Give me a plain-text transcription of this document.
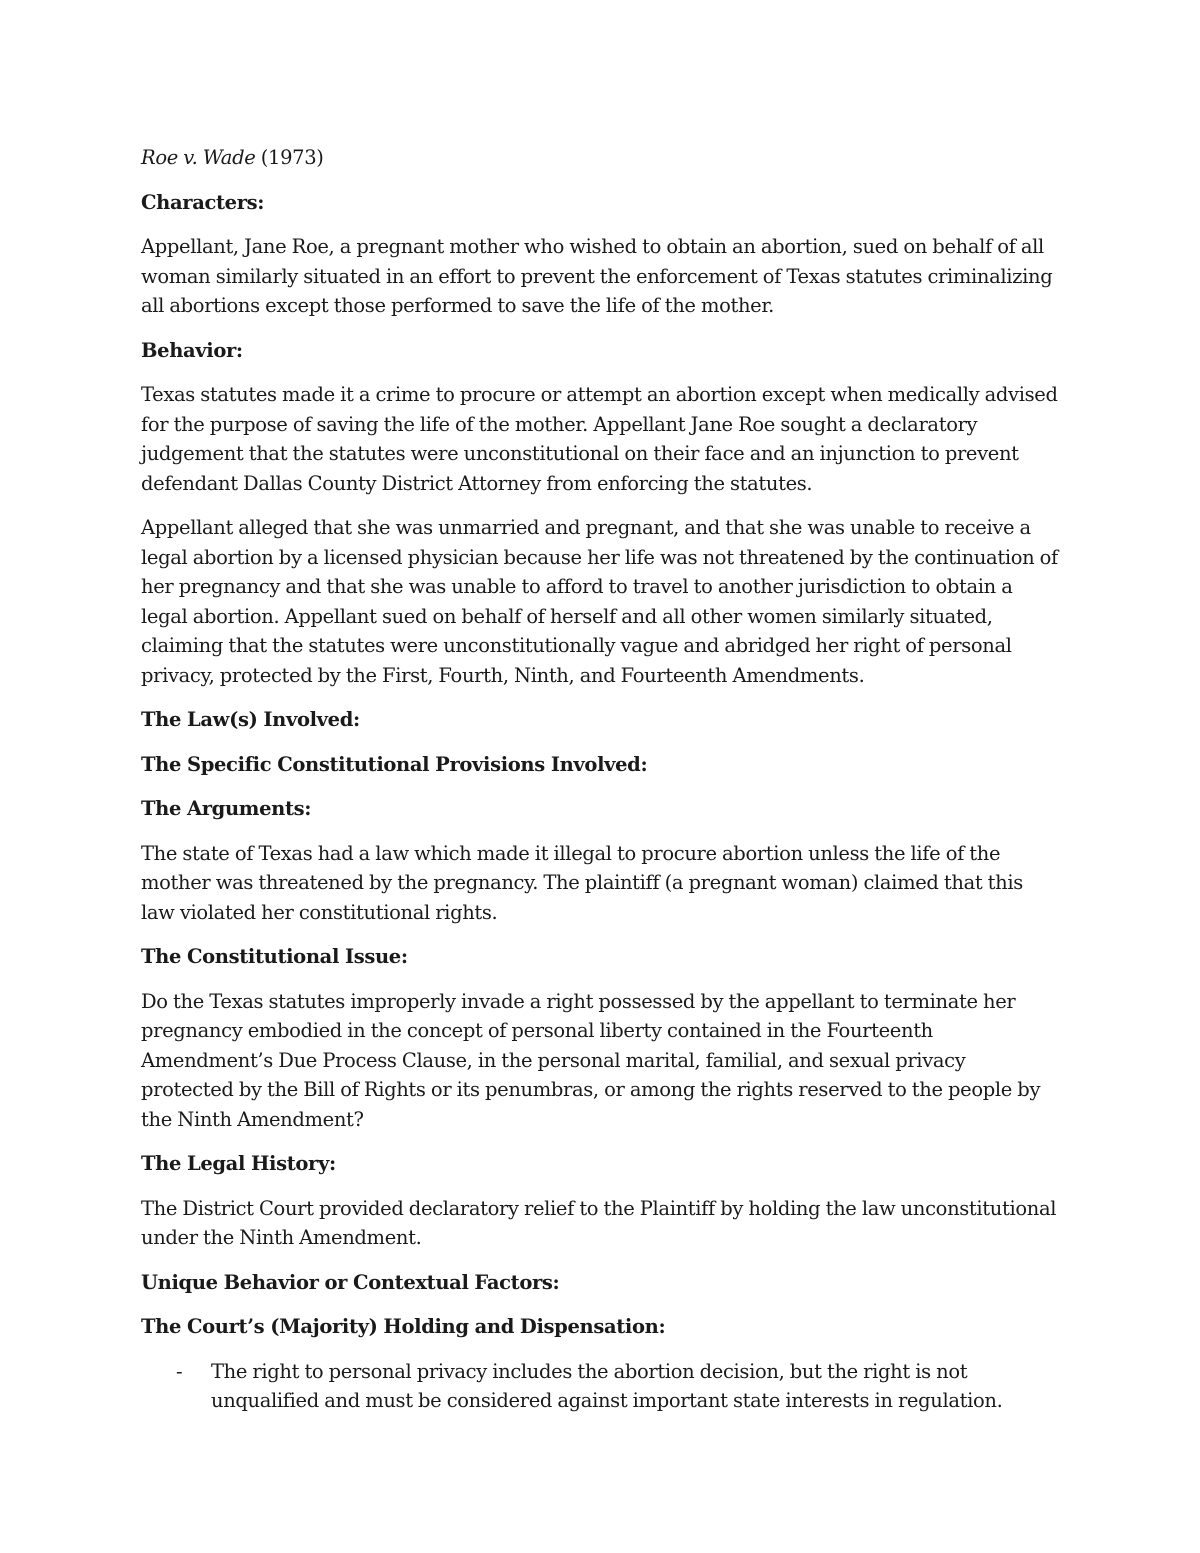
Roe v. Wade (1973)

Characters:

Appellant, Jane Roe, a pregnant mother who wished to obtain an abortion, sued on behalf of all woman similarly situated in an effort to prevent the enforcement of Texas statutes criminalizing all abortions except those performed to save the life of the mother.

Behavior:

Texas statutes made it a crime to procure or attempt an abortion except when medically advised for the purpose of saving the life of the mother. Appellant Jane Roe sought a declaratory judgement that the statutes were unconstitutional on their face and an injunction to prevent defendant Dallas County District Attorney from enforcing the statutes.

Appellant alleged that she was unmarried and pregnant, and that she was unable to receive a legal abortion by a licensed physician because her life was not threatened by the continuation of her pregnancy and that she was unable to afford to travel to another jurisdiction to obtain a legal abortion. Appellant sued on behalf of herself and all other women similarly situated, claiming that the statutes were unconstitutionally vague and abridged her right of personal privacy, protected by the First, Fourth, Ninth, and Fourteenth Amendments.

The Law(s) Involved:

The Specific Constitutional Provisions Involved:

The Arguments:

The state of Texas had a law which made it illegal to procure abortion unless the life of the mother was threatened by the pregnancy. The plaintiff (a pregnant woman) claimed that this law violated her constitutional rights.

The Constitutional Issue:

Do the Texas statutes improperly invade a right possessed by the appellant to terminate her pregnancy embodied in the concept of personal liberty contained in the Fourteenth Amendment’s Due Process Clause, in the personal marital, familial, and sexual privacy protected by the Bill of Rights or its penumbras, or among the rights reserved to the people by the Ninth Amendment?

The Legal History:

The District Court provided declaratory relief to the Plaintiff by holding the law unconstitutional under the Ninth Amendment.

Unique Behavior or Contextual Factors:

The Court’s (Majority) Holding and Dispensation:

- The right to personal privacy includes the abortion decision, but the right is not unqualified and must be considered against important state interests in regulation.
